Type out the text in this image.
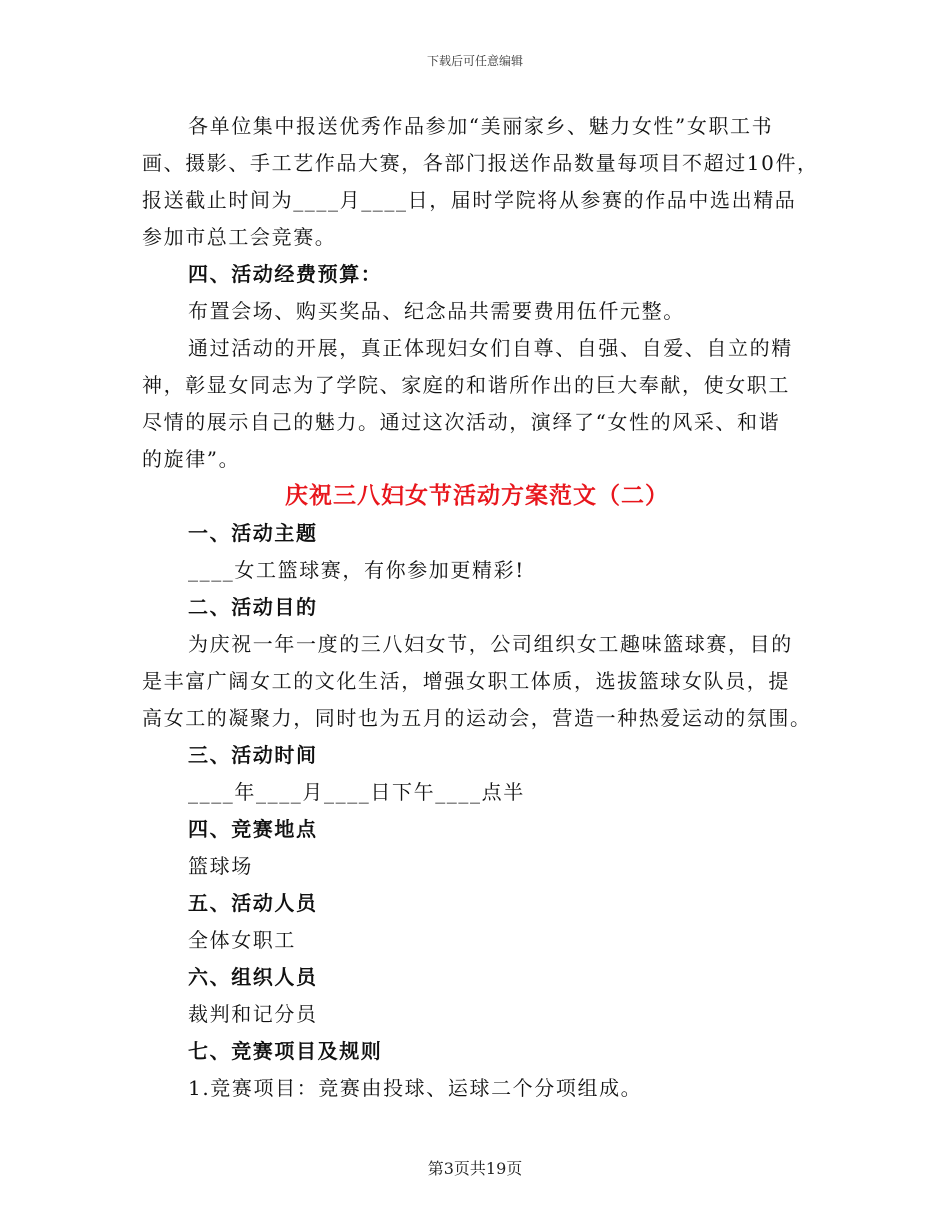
下载后可任意编辑
各单位集中报送优秀作品参加“美丽家乡、魅力女性”女职工书
画、摄影、手工艺作品大赛，各部门报送作品数量每项目不超过10件，
报送截止时间为____月____日，届时学院将从参赛的作品中选出精品
参加市总工会竞赛。
四、活动经费预算：
布置会场、购买奖品、纪念品共需要费用伍仟元整。
通过活动的开展，真正体现妇女们自尊、自强、自爱、自立的精
神，彰显女同志为了学院、家庭的和谐所作出的巨大奉献，使女职工
尽情的展示自己的魅力。通过这次活动，演绎了“女性的风采、和谐
的旋律”。
庆祝三八妇女节活动方案范文（二）
一、活动主题
____女工篮球赛，有你参加更精彩!
二、活动目的
为庆祝一年一度的三八妇女节，公司组织女工趣味篮球赛，目的
是丰富广阔女工的文化生活，增强女职工体质，选拔篮球女队员，提
高女工的凝聚力，同时也为五月的运动会，营造一种热爱运动的氛围。
三、活动时间
____年____月____日下午____点半
四、竞赛地点
篮球场
五、活动人员
全体女职工
六、组织人员
裁判和记分员
七、竞赛项目及规则
1.竞赛项目：竞赛由投球、运球二个分项组成。
第3页共19页
